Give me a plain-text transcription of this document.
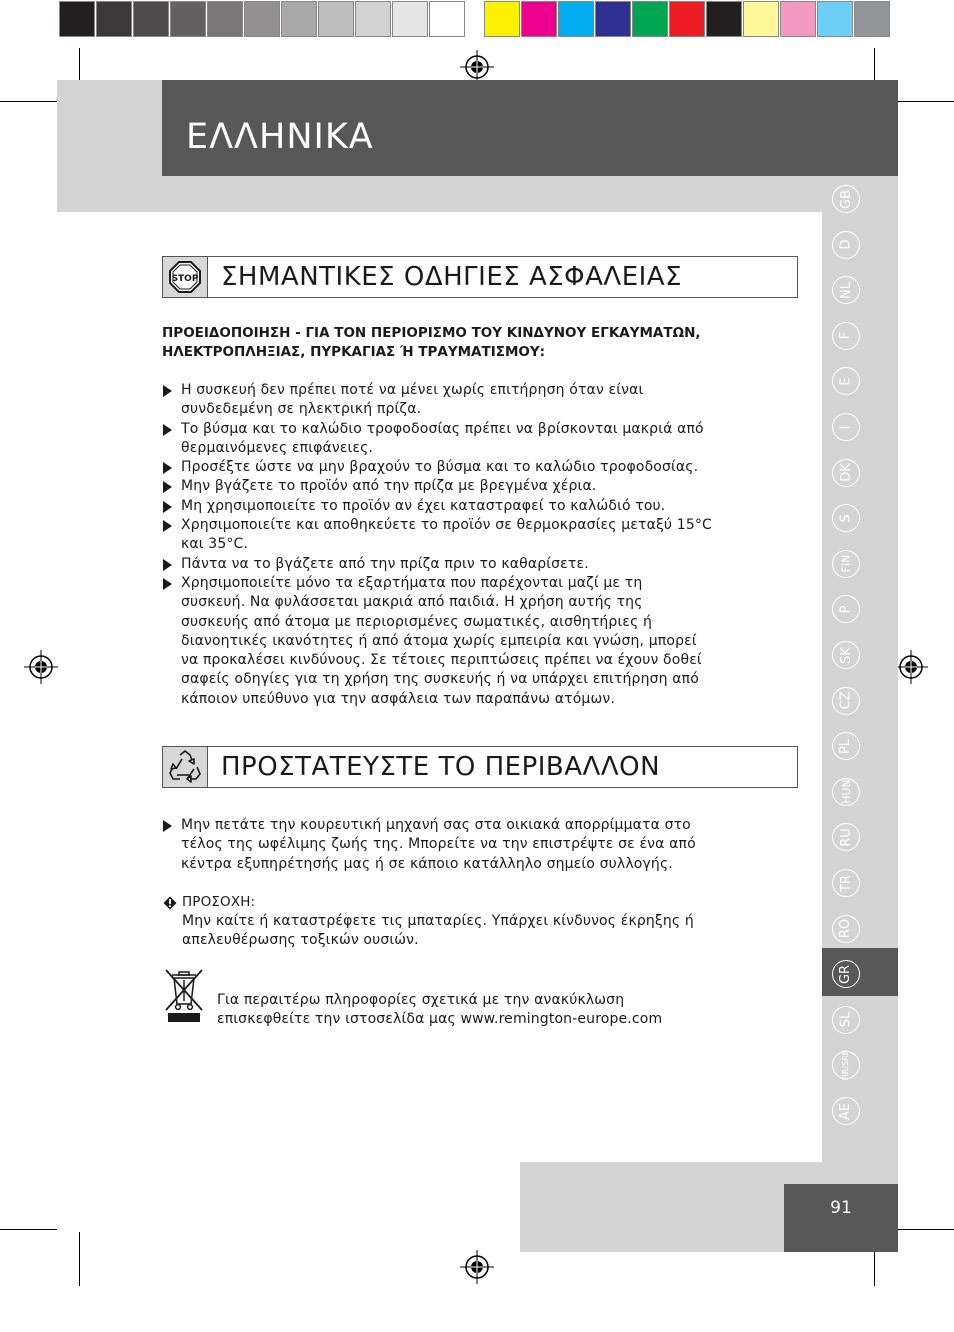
ΕΛΛΗΝΙΚΑ
GB
D
NL
F
E
I
DK
S
FIN
P
SK
CZ
PL
HUN
RU
TR
RO
GR
SL
HR/SRB
AE
91
STOP ΣΗΜΑΝΤΙΚΕΣ ΟΔΗΓΙΕΣ ΑΣΦΑΛΕΙΑΣ
ΠΡΟΕΙΔΟΠΟΙΗΣΗ - ΓΙΑ ΤΟΝ ΠΕΡΙΟΡΙΣΜΟ ΤΟΥ ΚΙΝΔΥΝΟΥ ΕΓΚΑΥΜΑΤΩΝ,
ΗΛΕΚΤΡΟΠΛΗΞΙΑΣ, ΠΥΡΚΑΓΙΑΣ Ή ΤΡΑΥΜΑΤΙΣΜΟΥ:
Η συσκευή δεν πρέπει ποτέ να μένει χωρίς επιτήρηση όταν είναι
συνδεδεμένη σε ηλεκτρική πρίζα.
Το βύσμα και το καλώδιο τροφοδοσίας πρέπει να βρίσκονται μακριά από
θερμαινόμενες επιφάνειες.
Προσέξτε ώστε να μην βραχούν το βύσμα και το καλώδιο τροφοδοσίας.
Μην βγάζετε το προϊόν από την πρίζα με βρεγμένα χέρια.
Μη χρησιμοποιείτε το προϊόν αν έχει καταστραφεί το καλώδιό του.
Χρησιμοποιείτε και αποθηκεύετε το προϊόν σε θερμοκρασίες μεταξύ 15°C
και 35°C.
Πάντα να το βγάζετε από την πρίζα πριν το καθαρίσετε.
Χρησιμοποιείτε μόνο τα εξαρτήματα που παρέχονται μαζί με τη
συσκευή. Να φυλάσσεται μακριά από παιδιά. Η χρήση αυτής της
συσκευής από άτομα με περιορισμένες σωματικές, αισθητήριες ή
διανοητικές ικανότητες ή από άτομα χωρίς εμπειρία και γνώση, μπορεί
να προκαλέσει κινδύνους. Σε τέτοιες περιπτώσεις πρέπει να έχουν δοθεί
σαφείς οδηγίες για τη χρήση της συσκευής ή να υπάρχει επιτήρηση από
κάποιον υπεύθυνο για την ασφάλεια των παραπάνω ατόμων.
ΠΡΟΣΤΑΤΕΥΣΤΕ ΤΟ ΠΕΡΙΒΑΛΛΟΝ
Μην πετάτε την κουρευτική μηχανή σας στα οικιακά απορρίμματα στο
τέλος της ωφέλιμης ζωής της. Μπορείτε να την επιστρέψτε σε ένα από
κέντρα εξυπηρέτησής μας ή σε κάποιο κατάλληλο σημείο συλλογής.
ΠΡΟΣΟΧΗ:
Μην καίτε ή καταστρέφετε τις μπαταρίες. Υπάρχει κίνδυνος έκρηξης ή
απελευθέρωσης τοξικών ουσιών.
Για περαιτέρω πληροφορίες σχετικά με την ανακύκλωση
επισκεφθείτε την ιστοσελίδα μας www.remington-europe.com
